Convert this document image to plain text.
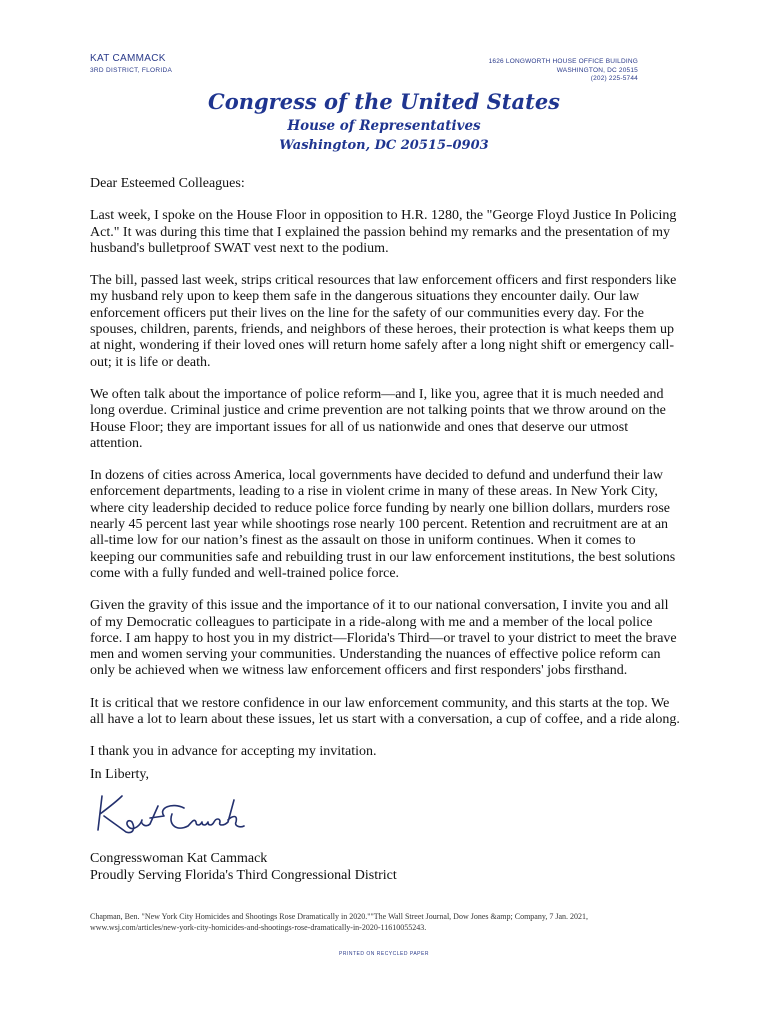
KAT CAMMACK
3RD DISTRICT, FLORIDA
1626 LONGWORTH HOUSE OFFICE BUILDING
WASHINGTON, DC 20515
(202) 225-5744
Congress of the United States
House of Representatives
Washington, DC 20515–0903

Dear Esteemed Colleagues:

Last week, I spoke on the House Floor in opposition to H.R. 1280, the "George Floyd Justice In Policing Act." It was during this time that I explained the passion behind my remarks and the presentation of my husband's bulletproof SWAT vest next to the podium.

The bill, passed last week, strips critical resources that law enforcement officers and first responders like my husband rely upon to keep them safe in the dangerous situations they encounter daily. Our law enforcement officers put their lives on the line for the safety of our communities every day. For the spouses, children, parents, friends, and neighbors of these heroes, their protection is what keeps them up at night, wondering if their loved ones will return home safely after a long night shift or emergency call-out; it is life or death.

We often talk about the importance of police reform—and I, like you, agree that it is much needed and long overdue. Criminal justice and crime prevention are not talking points that we throw around on the House Floor; they are important issues for all of us nationwide and ones that deserve our utmost attention.

In dozens of cities across America, local governments have decided to defund and underfund their law enforcement departments, leading to a rise in violent crime in many of these areas. In New York City, where city leadership decided to reduce police force funding by nearly one billion dollars, murders rose nearly 45 percent last year while shootings rose nearly 100 percent. Retention and recruitment are at an all-time low for our nation’s finest as the assault on those in uniform continues. When it comes to keeping our communities safe and rebuilding trust in our law enforcement institutions, the best solutions come with a fully funded and well-trained police force.

Given the gravity of this issue and the importance of it to our national conversation, I invite you and all of my Democratic colleagues to participate in a ride-along with me and a member of the local police force. I am happy to host you in my district—Florida's Third—or travel to your district to meet the brave men and women serving your communities. Understanding the nuances of effective police reform can only be achieved when we witness law enforcement officers and first responders' jobs firsthand.

It is critical that we restore confidence in our law enforcement community, and this starts at the top. We all have a lot to learn about these issues, let us start with a conversation, a cup of coffee, and a ride along.

I thank you in advance for accepting my invitation.

In Liberty,
Congresswoman Kat Cammack
Proudly Serving Florida's Third Congressional District
Chapman, Ben. "New York City Homicides and Shootings Rose Dramatically in 2020.""The Wall Street Journal, Dow Jones &amp; Company, 7 Jan. 2021,
www.wsj.com/articles/new-york-city-homicides-and-shootings-rose-dramatically-in-2020-11610055243.
PRINTED ON RECYCLED PAPER
